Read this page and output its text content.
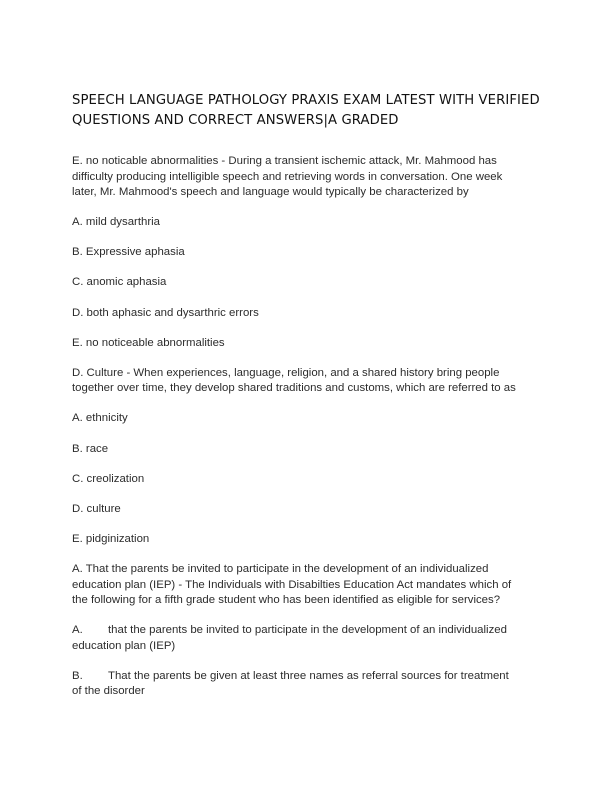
SPEECH LANGUAGE PATHOLOGY PRAXIS EXAM LATEST WITH VERIFIED
QUESTIONS AND CORRECT ANSWERS|A GRADED
E. no noticable abnormalities - During a transient ischemic attack, Mr. Mahmood has
difficulty producing intelligible speech and retrieving words in conversation. One week
later, Mr. Mahmood's speech and language would typically be characterized by
A. mild dysarthria
B. Expressive aphasia
C. anomic aphasia
D. both aphasic and dysarthric errors
E. no noticeable abnormalities
D. Culture - When experiences, language, religion, and a shared history bring people
together over time, they develop shared traditions and customs, which are referred to as
A. ethnicity
B. race
C. creolization
D. culture
E. pidginization
A. That the parents be invited to participate in the development of an individualized
education plan (IEP) - The Individuals with Disabilties Education Act mandates which of
the following for a fifth grade student who has been identified as eligible for services?
A. that the parents be invited to participate in the development of an individualized
education plan (IEP)
B. That the parents be given at least three names as referral sources for treatment
of the disorder
